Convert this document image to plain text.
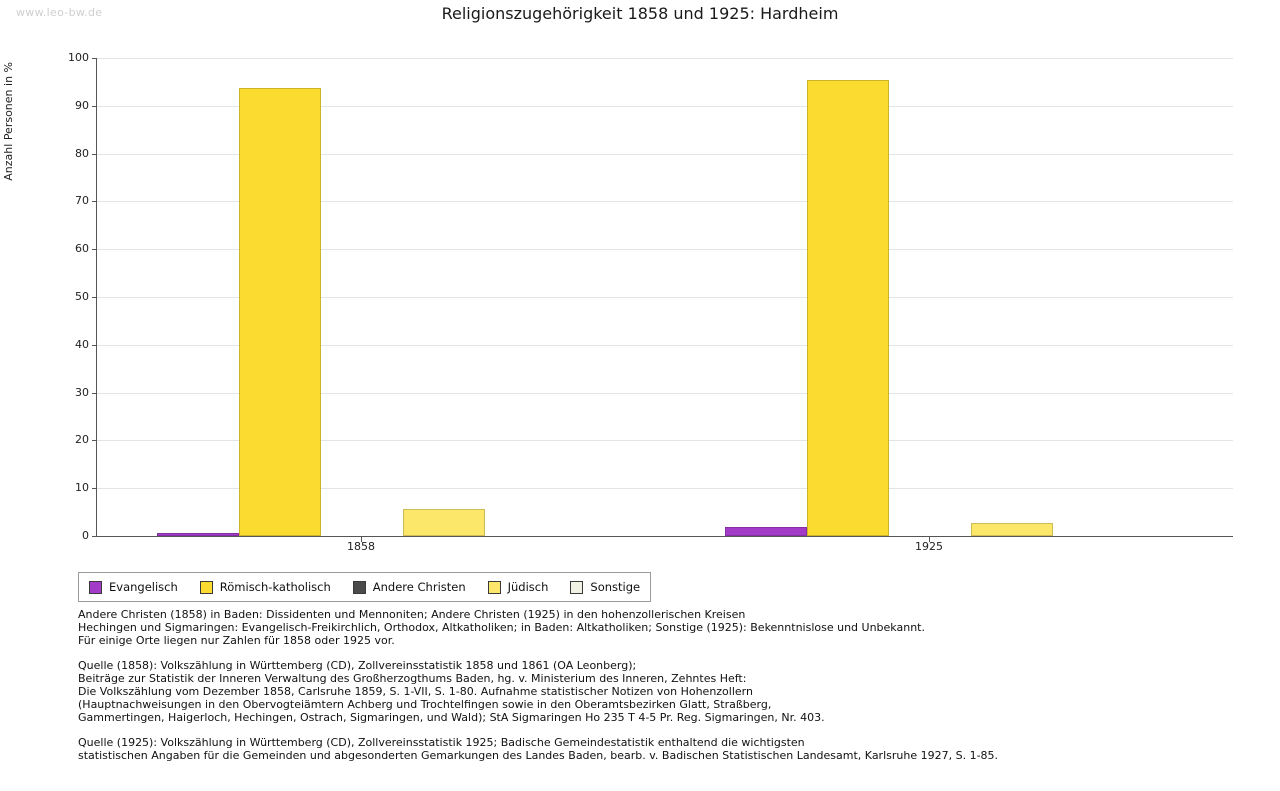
www.leo-bw.de	Religionszugehörigkeit 1858 und 1925: Hardheim
Anzahl Personen in %
0
10
20
30
40
50
60
70
80
90
100
Evangelisch	Römisch-katholisch	Andere Christen	Jüdisch	Sonstige
Andere Christen (1858) in Baden: Dissidenten und Mennoniten; Andere Christen (1925) in den hohenzollerischen Kreisen
Hechingen und Sigmaringen: Evangelisch-Freikirchlich, Orthodox, Altkatholiken; in Baden: Altkatholiken; Sonstige (1925): Bekenntnislose und Unbekannt.
Für einige Orte liegen nur Zahlen für 1858 oder 1925 vor.
Quelle (1858): Volkszählung in Württemberg (CD), Zollvereinsstatistik 1858 und 1861 (OA Leonberg);
Beiträge zur Statistik der Inneren Verwaltung des Großherzogthums Baden, hg. v. Ministerium des Inneren, Zehntes Heft:
Die Volkszählung vom Dezember 1858, Carlsruhe 1859, S. 1-VII, S. 1-80. Aufnahme statistischer Notizen von Hohenzollern
(Hauptnachweisungen in den Obervogteiämtern Achberg und Trochtelfingen sowie in den Oberamtsbezirken Glatt, Straßberg,
Gammertingen, Haigerloch, Hechingen, Ostrach, Sigmaringen, und Wald); StA Sigmaringen Ho 235 T 4-5 Pr. Reg. Sigmaringen, Nr. 403.
Quelle (1925): Volkszählung in Württemberg (CD), Zollvereinsstatistik 1925; Badische Gemeindestatistik enthaltend die wichtigsten
statistischen Angaben für die Gemeinden und abgesonderten Gemarkungen des Landes Baden, bearb. v. Badischen Statistischen Landesamt, Karlsruhe 1927, S. 1-85.
1858	1925
